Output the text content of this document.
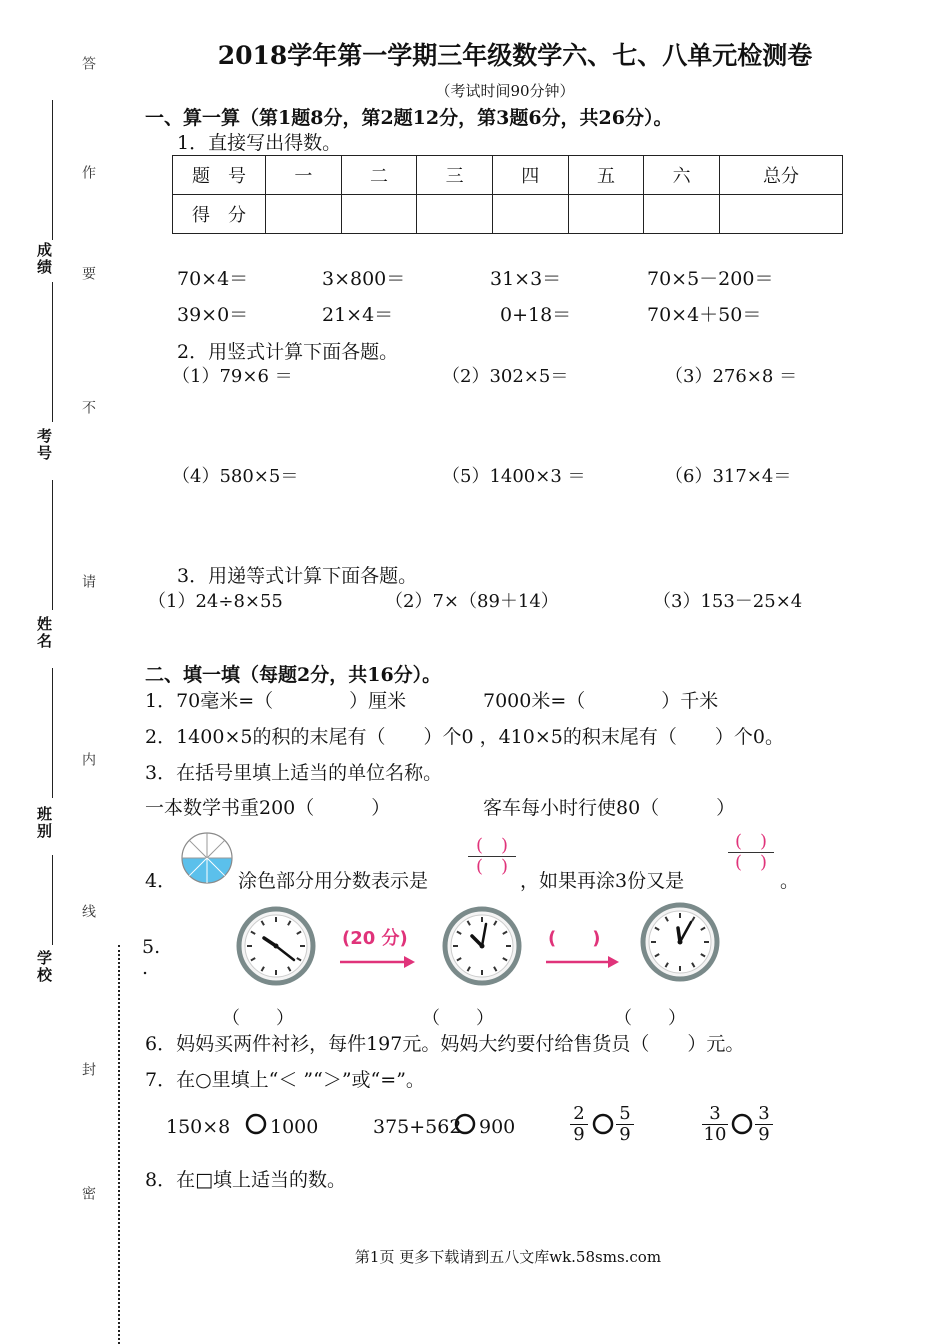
成绩
考号
姓名
班别
学校
答
作
要
不
请
内
线
封
密
2018学年第一学期三年级数学六、七、八单元检测卷
（考试时间90分钟）
一、算一算（第1题8分，第2题12分，第3题6分，共26分）。
1．直接写出得数。
题　号	一	二	三	四	五	六	总分
得　分							
70×4＝	3×800＝	31×3＝	70×5－200＝
39×0＝	21×4＝	0+18＝	70×4＋50＝
2．用竖式计算下面各题。
（1）79×6 ＝	（2）302×5＝	（3）276×8 ＝
（4）580×5＝	（5）1400×3 ＝	（6）317×4＝
3．用递等式计算下面各题。
（1）24÷8×55	（2）7×（89＋14）	（3）153－25×4
二、填一填（每题2分，共16分）。
1．70毫米=（　　　　）厘米	7000米=（　　　　）千米
2．1400×5的积的末尾有（　　）个0 ，410×5的积末尾有（　　）个0。
3．在括号里填上适当的单位名称。
一本数学书重200（　　　）	客车每小时行使80（　　　）
4．	涂色部分用分数表示是
(　)
(　)
，如果再涂3份又是
(　)
(　)
。
5.
.
(20 分)	(　　)
（　　）	（　　）	（　　）
6．妈妈买两件衬衫，每件197元。妈妈大约要付给售货员（　　）元。
7．在○里填上“＜ ”“＞”或“=”。
150×8 1000	375+562 900
2
9
5
9
3
10
3
9
8．在□填上适当的数。
第1页 更多下载请到五八文库wk.58sms.com
